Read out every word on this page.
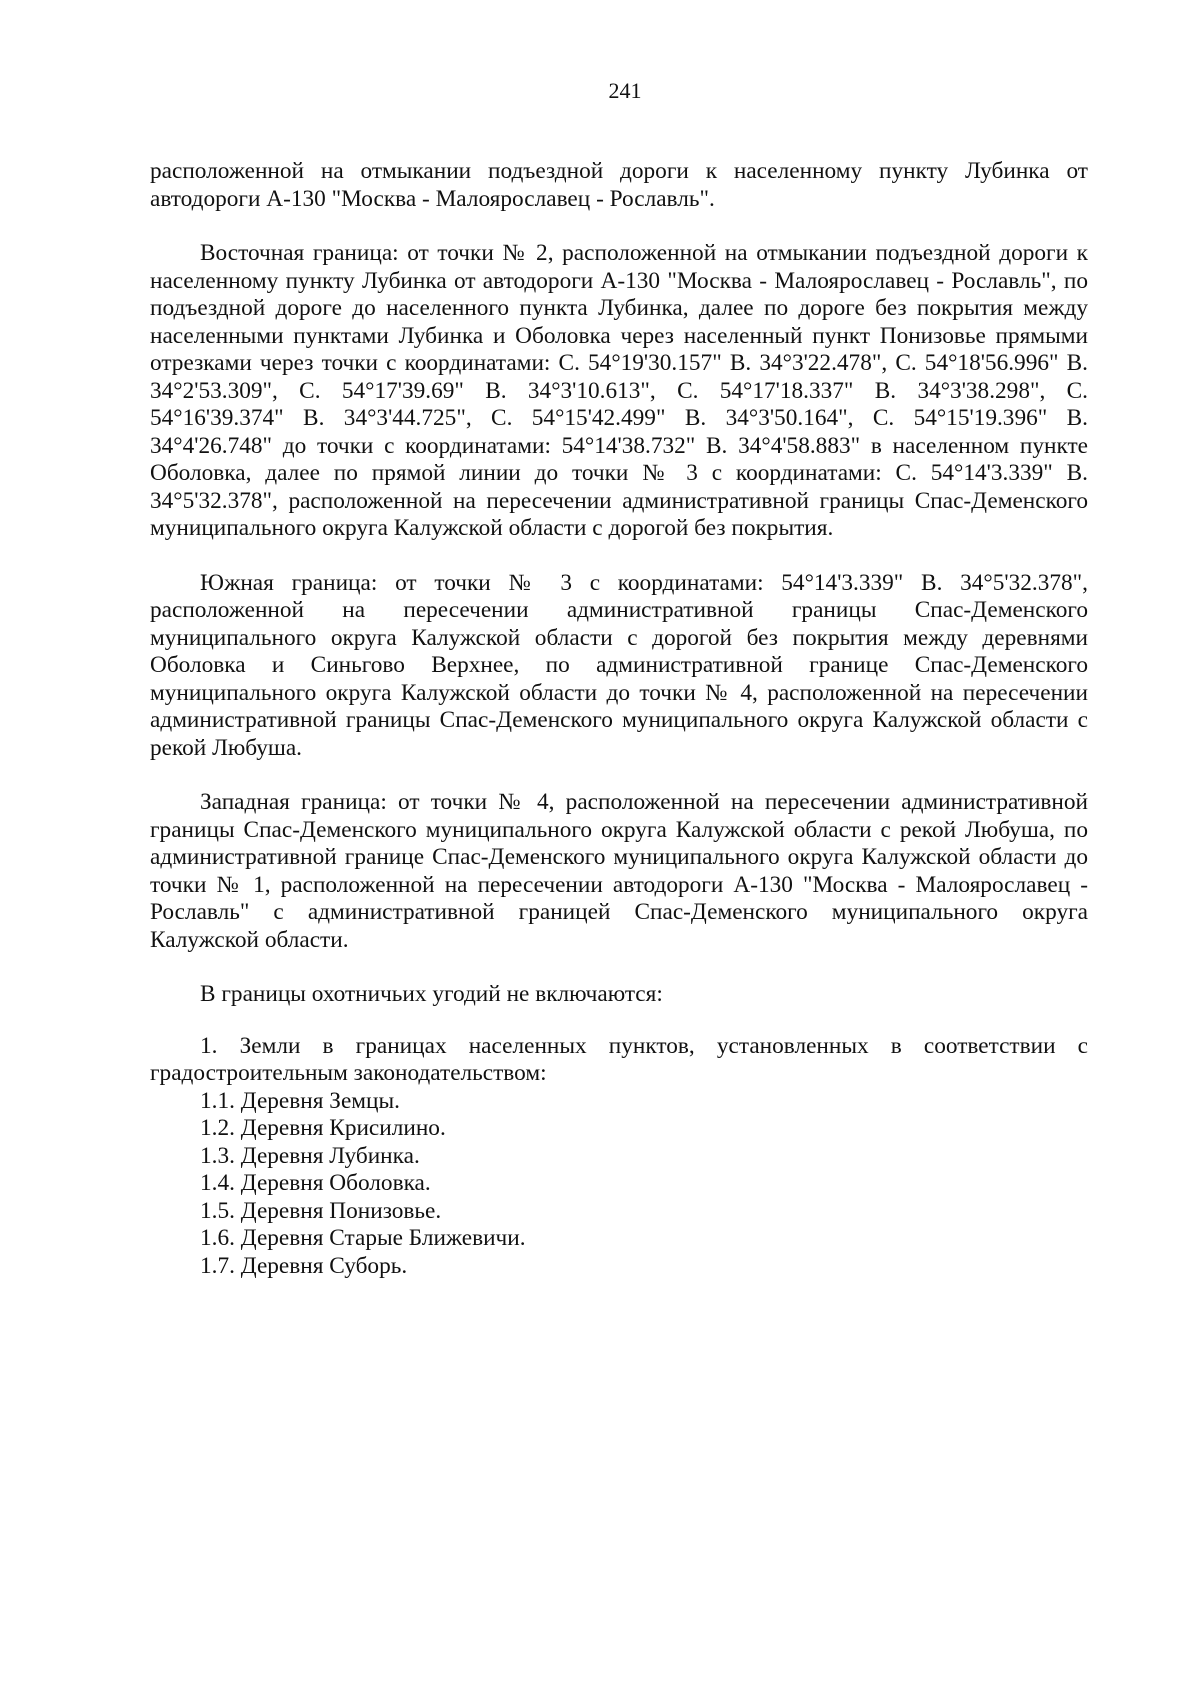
241

расположенной на отмыкании подъездной дороги к населенному пункту Лубинка от автодороги А-130 "Москва - Малоярославец - Рославль".

Восточная граница: от точки № 2, расположенной на отмыкании подъездной дороги к населенному пункту Лубинка от автодороги А-130 "Москва - Малоярославец - Рославль", по подъездной дороге до населенного пункта Лубинка, далее по дороге без покрытия между населенными пунктами Лубинка и Оболовка через населенный пункт Понизовье прямыми отрезками через точки с координатами: С. 54°19'30.157" В. 34°3'22.478", С. 54°18'56.996" В. 34°2'53.309", С. 54°17'39.69" В. 34°3'10.613", С. 54°17'18.337" В. 34°3'38.298", С. 54°16'39.374" В. 34°3'44.725", С. 54°15'42.499" В. 34°3'50.164", С. 54°15'19.396" В. 34°4'26.748" до точки с координатами: 54°14'38.732" В. 34°4'58.883" в населенном пункте Оболовка, далее по прямой линии до точки № 3 с координатами: С. 54°14'3.339" В. 34°5'32.378", расположенной на пересечении административной границы Спас-Деменского муниципального округа Калужской области с дорогой без покрытия.

Южная граница: от точки № 3 с координатами: 54°14'3.339" В. 34°5'32.378", расположенной на пересечении административной границы Спас-Деменского муниципального округа Калужской области с дорогой без покрытия между деревнями Оболовка и Синьгово Верхнее, по административной границе Спас-Деменского муниципального округа Калужской области до точки № 4, расположенной на пересечении административной границы Спас-Деменского муниципального округа Калужской области с рекой Любуша.

Западная граница: от точки № 4, расположенной на пересечении административной границы Спас-Деменского муниципального округа Калужской области с рекой Любуша, по административной границе Спас-Деменского муниципального округа Калужской области до точки № 1, расположенной на пересечении автодороги А-130 "Москва - Малоярославец - Рославль" с административной границей Спас-Деменского муниципального округа Калужской области.

В границы охотничьих угодий не включаются:

1. Земли в границах населенных пунктов, установленных в соответствии с градостроительным законодательством:

1.1. Деревня Земцы.

1.2. Деревня Крисилино.

1.3. Деревня Лубинка.

1.4. Деревня Оболовка.

1.5. Деревня Понизовье.

1.6. Деревня Старые Ближевичи.

1.7. Деревня Суборь.
